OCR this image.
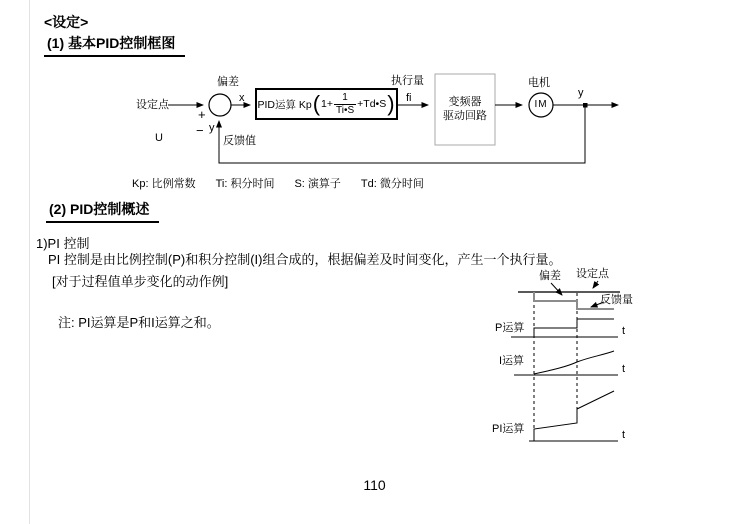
<设定>
(1) 基本PID控制框图
偏差
设定点
x
+
− y
反馈值
U
PID运算 Kp ( $1+ \frac{1}{Ti•S}$ +Td•S )
执行量
fi	变频器
驱动回路
电机
IM
y
Kp: 比例常数 Ti: 积分时间 S: 演算子 Td: 微分时间
(2) PID控制概述
1)PI 控制
PI 控制是由比例控制(P)和积分控制(I)组合成的，根据偏差及时间变化，产生一个执行量。
[对于过程值单步变化的动作例]
注: PI运算是P和I运算之和。
偏差 设定点
反馈量
P运算
I运算
PI运算
t
t
t
110
